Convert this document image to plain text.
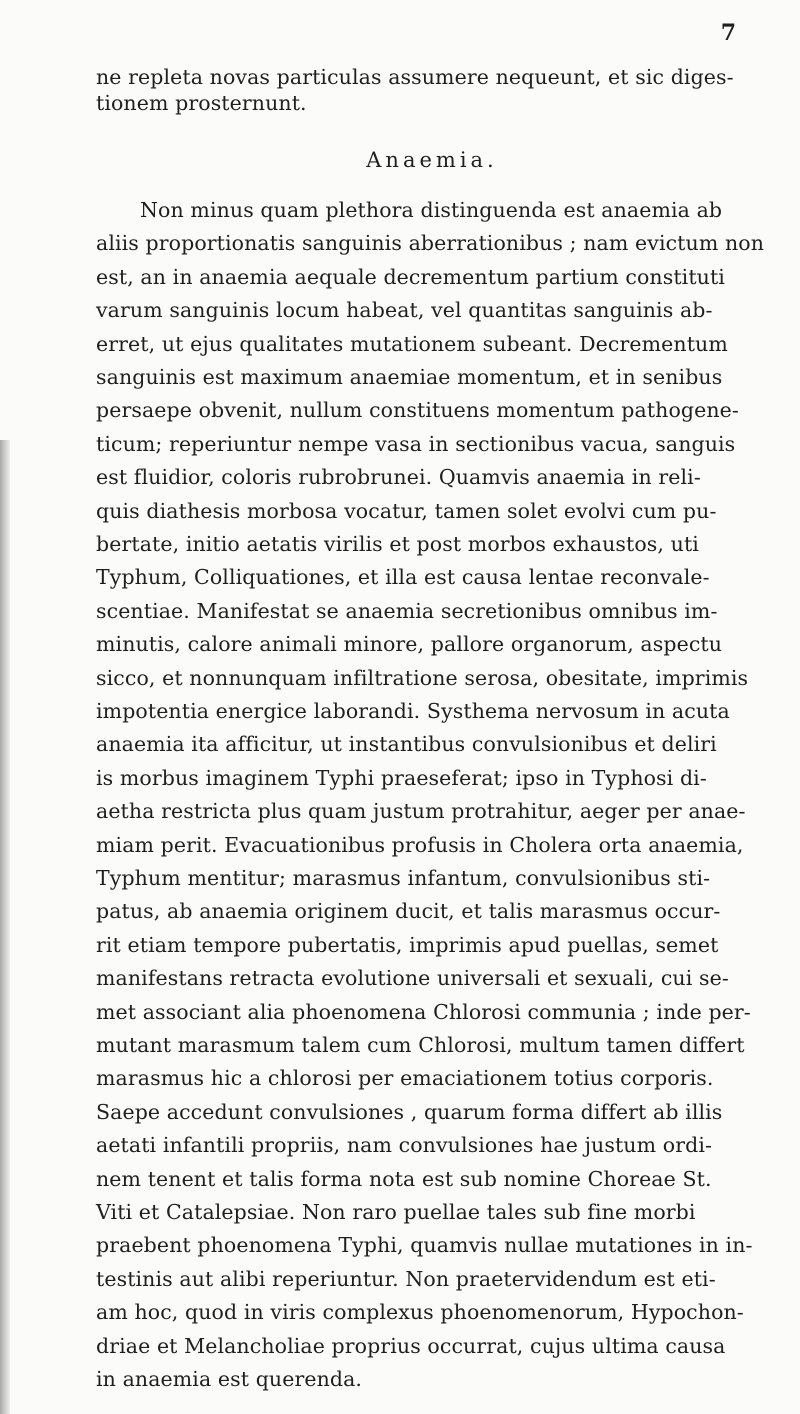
7
ne repleta novas particulas assumere nequeunt, et sic diges-
tionem prosternunt.
Anaemia.
Non minus quam plethora distinguenda est anaemia ab
aliis proportionatis sanguinis aberrationibus ; nam evictum non
est, an in anaemia aequale decrementum partium constituti
varum sanguinis locum habeat, vel quantitas sanguinis ab-
erret, ut ejus qualitates mutationem subeant. Decrementum
sanguinis est maximum anaemiae momentum, et in senibus
persaepe obvenit, nullum constituens momentum pathogene-
ticum; reperiuntur nempe vasa in sectionibus vacua, sanguis
est fluidior, coloris rubrobrunei. Quamvis anaemia in reli-
quis diathesis morbosa vocatur, tamen solet evolvi cum pu-
bertate, initio aetatis virilis et post morbos exhaustos, uti
Typhum, Colliquationes, et illa est causa lentae reconvale-
scentiae. Manifestat se anaemia secretionibus omnibus im-
minutis, calore animali minore, pallore organorum, aspectu
sicco, et nonnunquam infiltratione serosa, obesitate, imprimis
impotentia energice laborandi. Systhema nervosum in acuta
anaemia ita afficitur, ut instantibus convulsionibus et deliri
is morbus imaginem Typhi praeseferat; ipso in Typhosi di-
aetha restricta plus quam justum protrahitur, aeger per anae-
miam perit. Evacuationibus profusis in Cholera orta anaemia,
Typhum mentitur; marasmus infantum, convulsionibus sti-
patus, ab anaemia originem ducit, et talis marasmus occur-
rit etiam tempore pubertatis, imprimis apud puellas, semet
manifestans retracta evolutione universali et sexuali, cui se-
met associant alia phoenomena Chlorosi communia ; inde per-
mutant marasmum talem cum Chlorosi, multum tamen differt
marasmus hic a chlorosi per emaciationem totius corporis.
Saepe accedunt convulsiones , quarum forma differt ab illis
aetati infantili propriis, nam convulsiones hae justum ordi-
nem tenent et talis forma nota est sub nomine Choreae St.
Viti et Catalepsiae. Non raro puellae tales sub fine morbi
praebent phoenomena Typhi, quamvis nullae mutationes in in-
testinis aut alibi reperiuntur. Non praetervidendum est eti-
am hoc, quod in viris complexus phoenomenorum, Hypochon-
driae et Melancholiae proprius occurrat, cujus ultima causa
in anaemia est querenda.
